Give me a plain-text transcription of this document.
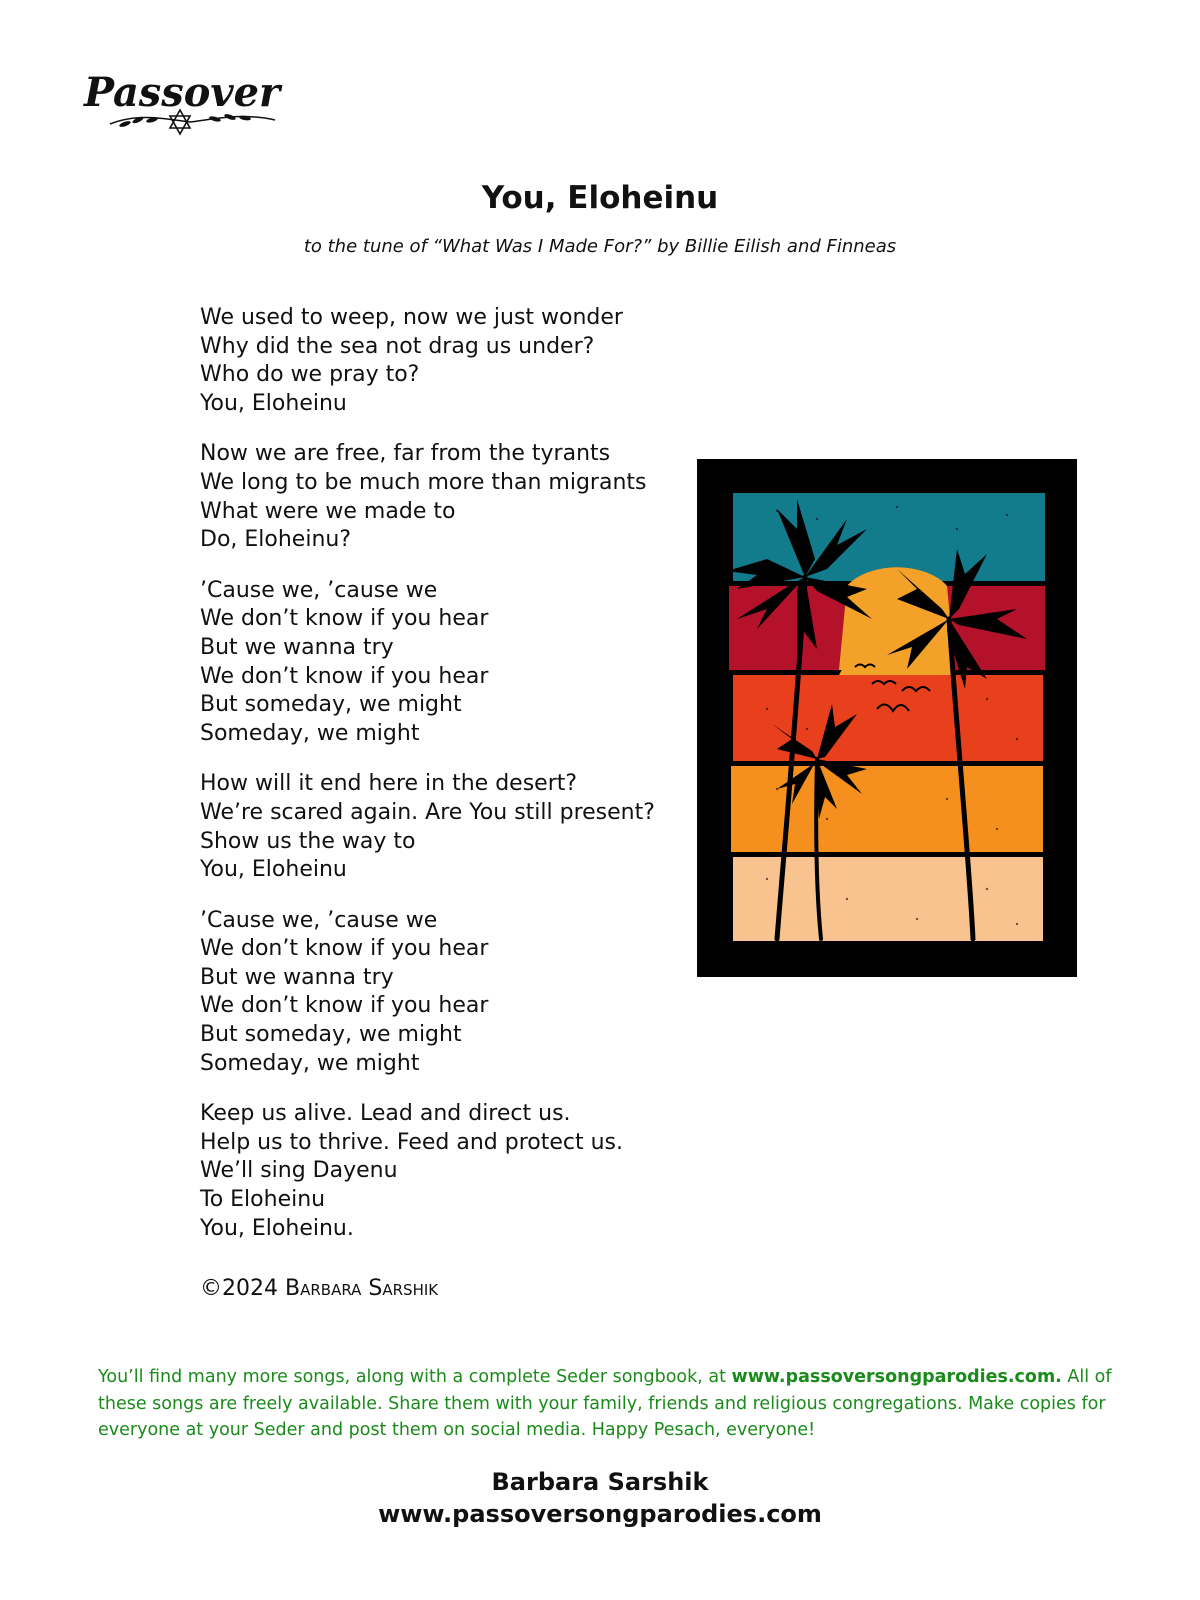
Passover
You, Eloheinu
to the tune of “What Was I Made For?” by Billie Eilish and Finneas
We used to weep, now we just wonder
Why did the sea not drag us under?
Who do we pray to?
You, Eloheinu
Now we are free, far from the tyrants
We long to be much more than migrants
What were we made to
Do, Eloheinu?
’Cause we, ’cause we
We don’t know if you hear
But we wanna try
We don’t know if you hear
But someday, we might
Someday, we might
How will it end here in the desert?
We’re scared again. Are You still present?
Show us the way to
You, Eloheinu
’Cause we, ’cause we
We don’t know if you hear
But we wanna try
We don’t know if you hear
But someday, we might
Someday, we might
Keep us alive. Lead and direct us.
Help us to thrive. Feed and protect us.
We’ll sing Dayenu
To Eloheinu
You, Eloheinu.
©2024 Barbara Sarshik
You’ll find many more songs, along with a complete Seder songbook, at www.passoversongparodies.com. All of these songs are freely available. Share them with your family, friends and religious congregations. Make copies for everyone at your Seder and post them on social media. Happy Pesach, everyone!
Barbara Sarshik
www.passoversongparodies.com
